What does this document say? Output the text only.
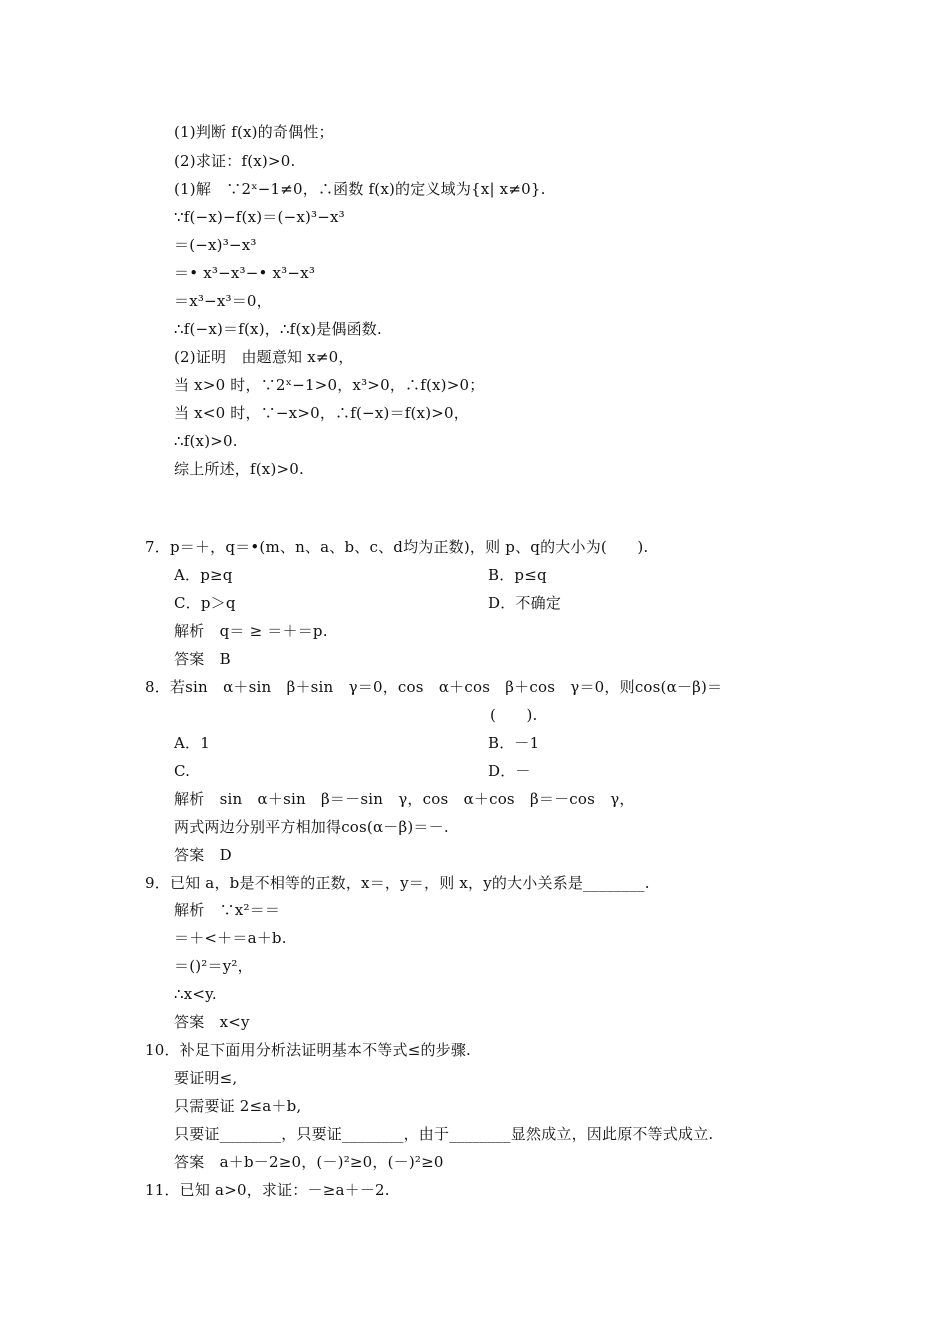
(1)判断 f(x)的奇偶性；
(2)求证：f(x)>0.
(1)解　∵2ˣ−1≠0，∴函数 f(x)的定义域为{x| x≠0}.
∵f(−x)−f(x)＝(−x)³−x³
＝(−x)³−x³
＝• x³−x³−• x³−x³
＝x³−x³＝0，
∴f(−x)＝f(x)，∴f(x)是偶函数.
(2)证明　由题意知 x≠0，
当 x>0 时，∵2ˣ−1>0，x³>0，∴f(x)>0；
当 x<0 时，∵−x>0，∴f(−x)＝f(x)>0，
∴f(x)>0.
综上所述，f(x)>0.
7．p＝＋，q＝•(m、n、a、b、c、d均为正数)，则 p、q的大小为(　　).
A．p≥q	B．p≤q
C．p＞q	D．不确定
解析　q＝ ≥ ＝＋＝p.
答案　B
8．若sin　α＋sin　β＋sin　γ＝0，cos　α＋cos　β＋cos　γ＝0，则cos(α－β)＝
(　　).
A．1	B．－1
C.	D．－
解析　sin　α＋sin　β＝－sin　γ，cos　α＋cos　β＝－cos　γ，
两式两边分别平方相加得cos(α－β)＝－.
答案　D
9．已知 a，b是不相等的正数，x＝，y＝，则 x，y的大小关系是________.
解析　∵x²＝＝
＝＋<＋＝a＋b.
＝()²＝y²，
∴x<y.
答案　x<y
10．补足下面用分析法证明基本不等式≤的步骤.
要证明≤,
只需要证 2≤a＋b,
只要证________，只要证________，由于________显然成立，因此原不等式成立.
答案　a＋b－2≥0，(－)²≥0，(－)²≥0
11．已知 a>0，求证：－≥a＋－2.
